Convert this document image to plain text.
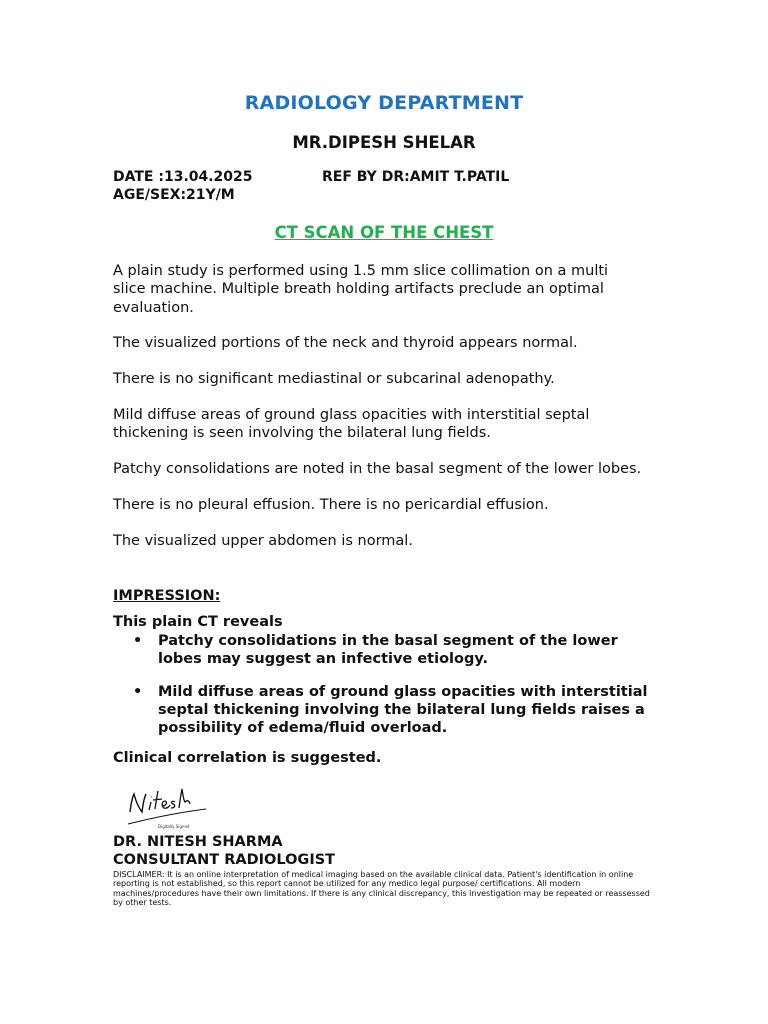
RADIOLOGY DEPARTMENT
MR.DIPESH SHELAR
DATE :13.04.2025	REF BY DR:AMIT T.PATIL
AGE/SEX:21Y/M
CT SCAN OF THE CHEST

A plain study is performed using 1.5 mm slice collimation on a multi slice machine. Multiple breath holding artifacts preclude an optimal evaluation.

The visualized portions of the neck and thyroid appears normal.

There is no significant mediastinal or subcarinal adenopathy.

Mild diffuse areas of ground glass opacities with interstitial septal thickening is seen involving the bilateral lung fields.

Patchy consolidations are noted in the basal segment of the lower lobes.

There is no pleural effusion. There is no pericardial effusion.

The visualized upper abdomen is normal.

IMPRESSION:
This plain CT reveals
• Patchy consolidations in the basal segment of the lower lobes may suggest an infective etiology.
• Mild diffuse areas of ground glass opacities with interstitial septal thickening involving the bilateral lung fields raises a possibility of edema/fluid overload.
Clinical correlation is suggested.
Digitally Signed
DR. NITESH SHARMA
CONSULTANT RADIOLOGIST
DISCLAIMER: It is an online interpretation of medical imaging based on the available clinical data. Patient's identification in online reporting is not established, so this report cannot be utilized for any medico legal purpose/ certifications. All modern machines/procedures have their own limitations. If there is any clinical discrepancy, this investigation may be repeated or reassessed by other tests.
